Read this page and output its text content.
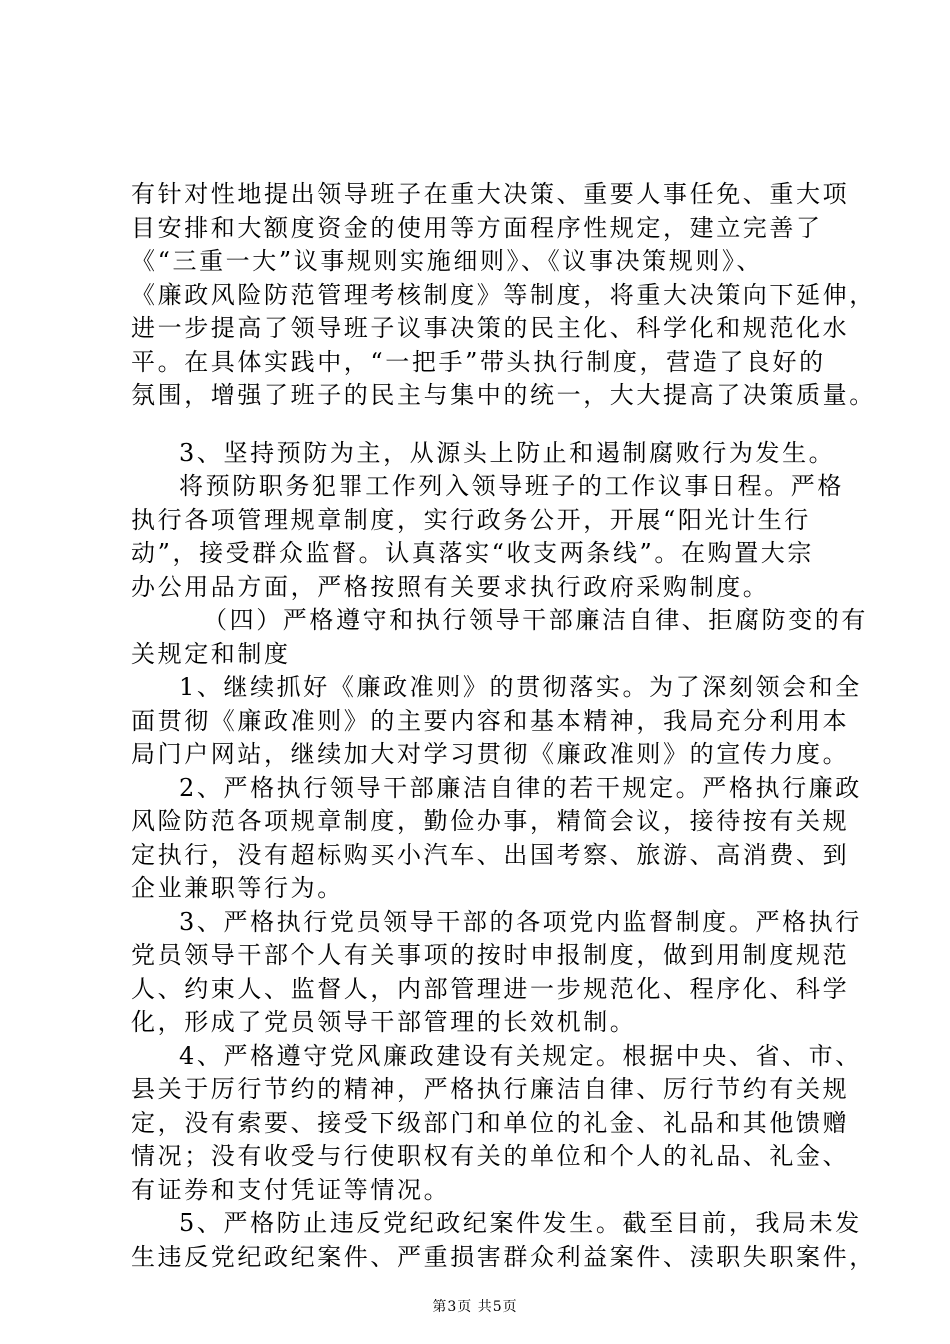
有针对性地提出领导班子在重大决策、重要人事任免、重大项
目安排和大额度资金的使用等方面程序性规定，建立完善了
《“三重一大”议事规则实施细则》、《议事决策规则》、
《廉政风险防范管理考核制度》等制度，将重大决策向下延伸，
进一步提高了领导班子议事决策的民主化、科学化和规范化水
平。在具体实践中，“一把手”带头执行制度，营造了良好的
氛围，增强了班子的民主与集中的统一，大大提高了决策质量。
3、坚持预防为主，从源头上防止和遏制腐败行为发生。
将预防职务犯罪工作列入领导班子的工作议事日程。严格
执行各项管理规章制度，实行政务公开，开展“阳光计生行
动”，接受群众监督。认真落实“收支两条线”。在购置大宗
办公用品方面，严格按照有关要求执行政府采购制度。
（四）严格遵守和执行领导干部廉洁自律、拒腐防变的有
关规定和制度
1、继续抓好《廉政准则》的贯彻落实。为了深刻领会和全
面贯彻《廉政准则》的主要内容和基本精神，我局充分利用本
局门户网站，继续加大对学习贯彻《廉政准则》的宣传力度。
2、严格执行领导干部廉洁自律的若干规定。严格执行廉政
风险防范各项规章制度，勤俭办事，精简会议，接待按有关规
定执行，没有超标购买小汽车、出国考察、旅游、高消费、到
企业兼职等行为。
3、严格执行党员领导干部的各项党内监督制度。严格执行
党员领导干部个人有关事项的按时申报制度，做到用制度规范
人、约束人、监督人，内部管理进一步规范化、程序化、科学
化，形成了党员领导干部管理的长效机制。
4、严格遵守党风廉政建设有关规定。根据中央、省、市、
县关于厉行节约的精神，严格执行廉洁自律、厉行节约有关规
定，没有索要、接受下级部门和单位的礼金、礼品和其他馈赠
情况；没有收受与行使职权有关的单位和个人的礼品、礼金、
有证券和支付凭证等情况。
5、严格防止违反党纪政纪案件发生。截至目前，我局未发
生违反党纪政纪案件、严重损害群众利益案件、渎职失职案件，
第3页 共5页
